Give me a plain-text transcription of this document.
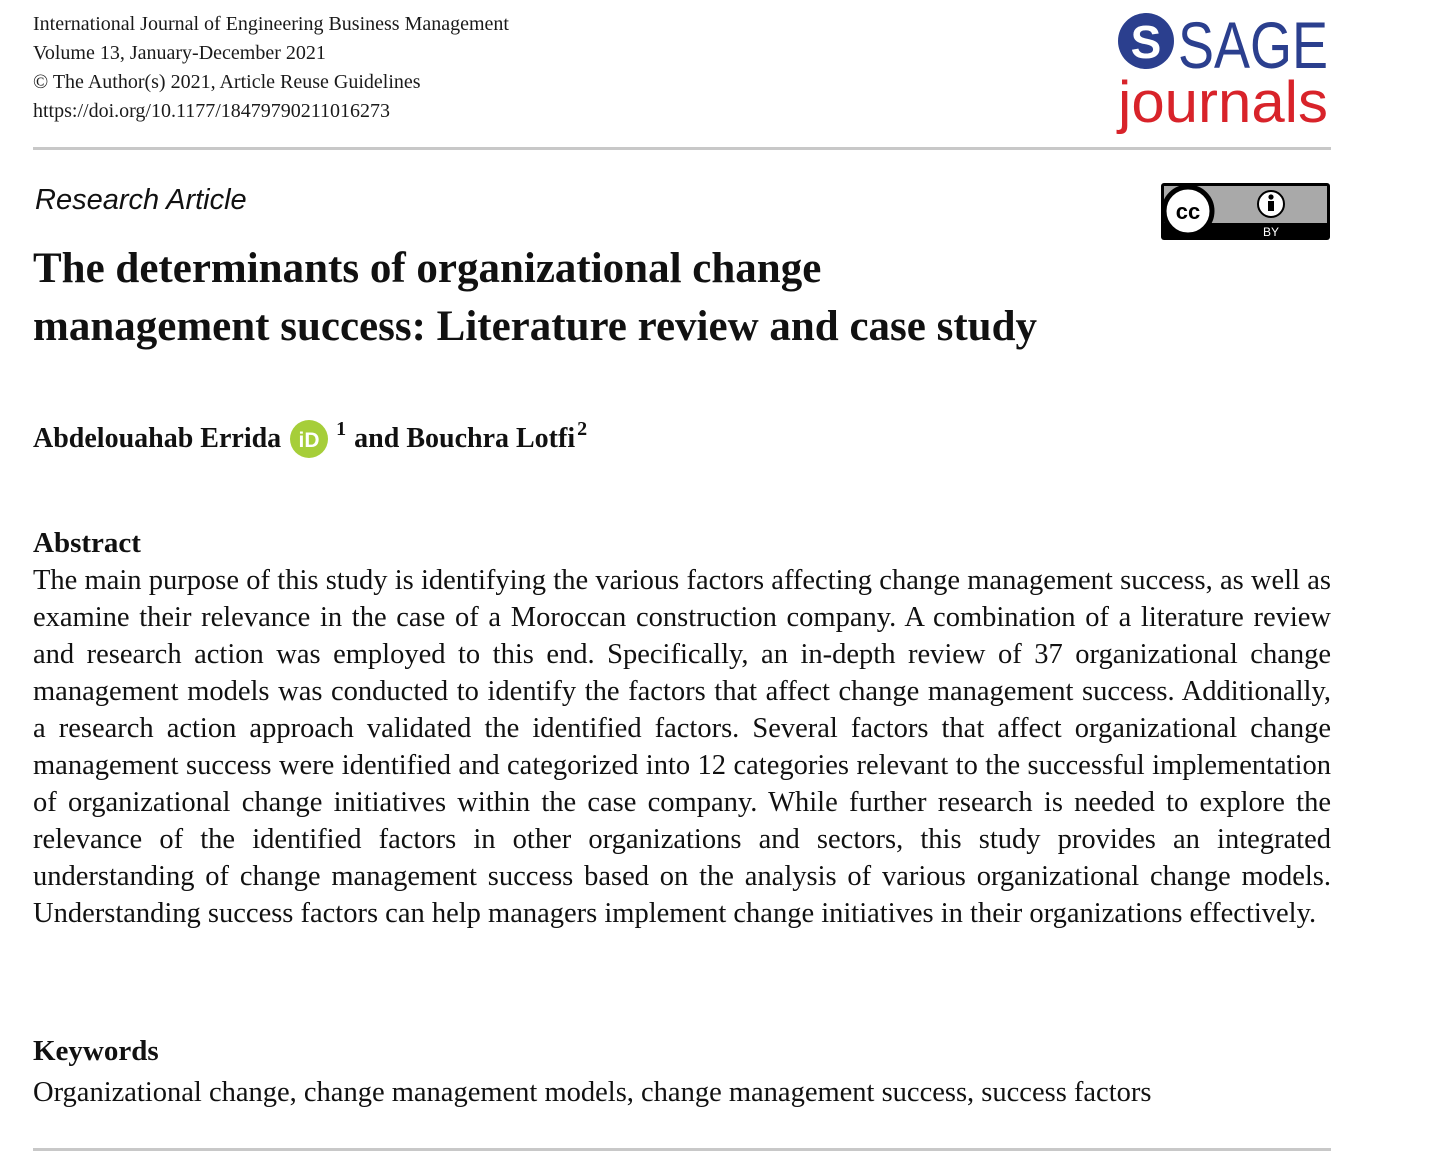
International Journal of Engineering Business Management
Volume 13, January-December 2021
© The Author(s) 2021, Article Reuse Guidelines
https://doi.org/10.1177/18479790211016273
S SAGE
journals
Research Article	cc
BY
The determinants of organizational change
management success: Literature review and case study
Abdelouahab Errida iD
$^1$ and
Bouchra Lotfi$^2$
Abstract

The main purpose of this study is identifying the various factors affecting change management success, as well as examine their relevance in the case of a Moroccan construction company. A combination of a literature review and research action was employed to this end. Specifically, an in-depth review of 37 organizational change management models was conducted to identify the factors that affect change management success. Additionally, a research action approach validated the identified factors. Several factors that affect organizational change management success were identified and categorized into 12 categories relevant to the successful implementation of organizational change initiatives within the case company. While further research is needed to explore the relevance of the identified factors in other organizations and sectors, this study provides an integrated understanding of change management success based on the analysis of various organizational change models. Understanding success factors can help managers implement change initiatives in their organizations effectively.

Keywords
Organizational change, change management models, change management success, success factors
